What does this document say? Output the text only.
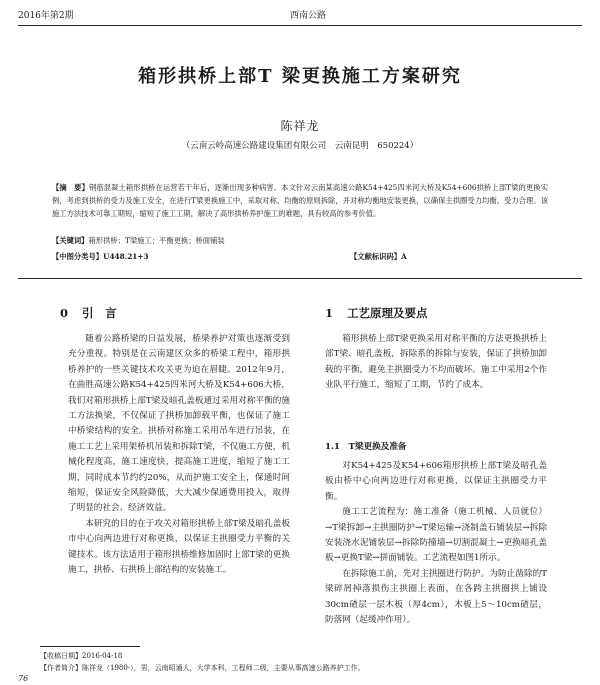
2016年第2期	西南公路
箱形拱桥上部T 梁更换施工方案研究
陈祥龙
（云南云岭高速公路建设集团有限公司　云南昆明　650224）
【摘　要】钢筋混凝土箱形拱桥在运营若干年后，逐渐出现多种病害。本文针对云南某高速公路K54+425四米河大桥及K54+606拱桥上部T梁的更换实例，考虑到拱桥的受力及施工安全，在进行T梁更换施工中，采取对称、均衡的原则拆除，并对称均衡地安装更换，以确保主拱圈受力均衡，受力合理。该施工方法技术可靠工期短，缩短了施工工期，解决了高形拱桥养护施工的难题，具有较高的参考价值。
【关键词】箱形拱桥；T梁施工；平衡更换；桥面铺装
【中图分类号】U448.21+3	【文献标识码】A
0 引　言

随着公路桥梁的日益发展，桥梁养护对策也逐渐受到充分重视。特别是在云南建区众多的桥梁工程中，箱形拱桥养护的一些关键技术攻关更为迫在眉睫。2012年9月，在曲胜高速公路K54+425四米河大桥及K54+606大桥，我们对箱形拱桥上部T梁及暗孔盖板通过采用对称平衡的施工方法换梁，不仅保证了拱桥加卸载平衡，也保证了施工中桥梁结构的安全。拱桥对称施工采用吊车进行吊装，在施工工艺上采用架桥机吊装和拆除T梁，不仅施工方便，机械化程度高，施工速度快，提高施工进度，缩短了施工工期，同时成本节约约20%，从而护施工安全上，保通时间缩短，保证安全风险降低，大大减少保通费用投入，取得了明显的社会、经济效益。

本研究的目的在于攻关对箱形拱桥上部T梁及暗孔盖板市中心向两边进行对称更换，以保证主拱圈受力平衡的关键技术。该方法适用于箱形拱桥维修加固时上部T梁的更换施工，拱桥、石拱桥上部结构的安装施工。

1 工艺原理及要点

箱形拱桥上部T梁更换采用对称平衡的方法更换拱桥上部T梁、暗孔盖板，拆除系的拆除与安装，保证了拱桥加卸载的平衡，避免主拱圈受力不均而破坏。施工中采用2个作业队平行施工，缩短了工期，节约了成本。

1.1　T梁更换及准备

对K54+425及K54+606箱形拱桥上部T梁及暗孔盖板由桥中心向两边进行对称更换，以保证主拱圈受力平衡。

施工工艺流程为：施工准备（施工机械、人员就位）→T梁拆卸→主拱圈防护→T梁运输→浇制盖石铺装层→拆除安装浇水泥铺装层→拆除防撞墙→切割混凝土→更换暗孔盖板→更换T梁→拼面铺装。工艺流程如图1所示。

在拆除施工前，先对主拱圈进行防护。为防止凿除的T梁碎屑掉落损伤主拱圈上表面，在各跨主拱圈拱上铺设30cm碴层一层木板（厚4cm），木板上5～10cm碴层，防落网（起缓冲作用）。

【收稿日期】2016-04-18
【作者简介】陈祥龙（1980-），男，云南昭通人，大学本科，工程师二级，主要从事高速公路养护工作。
76
